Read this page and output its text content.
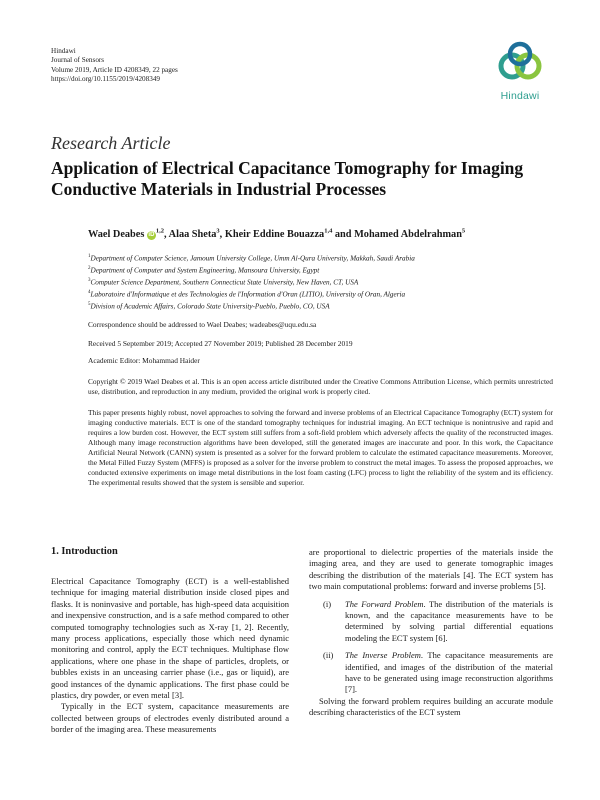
Hindawi
Journal of Sensors
Volume 2019, Article ID 4208349, 22 pages
https://doi.org/10.1155/2019/4208349
Hindawi
Research Article
Application of Electrical Capacitance Tomography for Imaging Conductive Materials in Industrial Processes
Wael Deabes iD$^{1,2}$, Alaa Sheta$^3$, Kheir Eddine Bouazza$^{1,4}$ and Mohamed Abdelrahman$^5$
$^1$Department of Computer Science, Jamoum University College, Umm Al-Qura University, Makkah, Saudi Arabia
$^2$Department of Computer and System Engineering, Mansoura University, Egypt
$^3$Computer Science Department, Southern Connecticut State University, New Haven, CT, USA
$^4$Laboratoire d'Informatique et des Technologies de l'Information d'Oran (LITIO), University of Oran, Algeria
$^5$Division of Academic Affairs, Colorado State University-Pueblo, Pueblo, CO, USA
Correspondence should be addressed to Wael Deabes; wadeabes@uqu.edu.sa
Received 5 September 2019; Accepted 27 November 2019; Published 28 December 2019
Academic Editor: Mohammad Haider
Copyright © 2019 Wael Deabes et al. This is an open access article distributed under the Creative Commons Attribution License, which permits unrestricted use, distribution, and reproduction in any medium, provided the original work is properly cited.
This paper presents highly robust, novel approaches to solving the forward and inverse problems of an Electrical Capacitance Tomography (ECT) system for imaging conductive materials. ECT is one of the standard tomography techniques for industrial imaging. An ECT technique is nonintrusive and rapid and requires a low burden cost. However, the ECT system still suffers from a soft-field problem which adversely affects the quality of the reconstructed images. Although many image reconstruction algorithms have been developed, still the generated images are inaccurate and poor. In this work, the Capacitance Artificial Neural Network (CANN) system is presented as a solver for the forward problem to calculate the estimated capacitance measurements. Moreover, the Metal Filled Fuzzy System (MFFS) is proposed as a solver for the inverse problem to construct the metal images. To assess the proposed approaches, we conducted extensive experiments on image metal distributions in the lost foam casting (LFC) process to light the reliability of the system and its efficiency. The experimental results showed that the system is sensible and superior.
1. Introduction

Electrical Capacitance Tomography (ECT) is a well-established technique for imaging material distribution inside closed pipes and flasks. It is noninvasive and portable, has high-speed data acquisition and inexpensive construction, and is a safe method compared to other computed tomography technologies such as X-ray [1, 2]. Recently, many process applications, especially those which need dynamic monitoring and control, apply the ECT techniques. Multiphase flow applications, where one phase in the shape of particles, droplets, or bubbles exists in an unceasing carrier phase (i.e., gas or liquid), are good instances of the dynamic applications. The first phase could be plastics, dry powder, or even metal [3].

Typically in the ECT system, capacitance measurements are collected between groups of electrodes evenly distributed around a border of the imaging area. These measurements

are proportional to dielectric properties of the materials inside the imaging area, and they are used to generate tomographic images describing the distribution of the materials [4]. The ECT system has two main computational problems: forward and inverse problems [5].

(i)	The Forward Problem. The distribution of the materials is known, and the capacitance measurements have to be determined by solving partial differential equations modeling the ECT system [6].
(ii)	The Inverse Problem. The capacitance measurements are identified, and images of the distribution of the material have to be generated using image reconstruction algorithms [7].

Solving the forward problem requires building an accurate module describing characteristics of the ECT system
